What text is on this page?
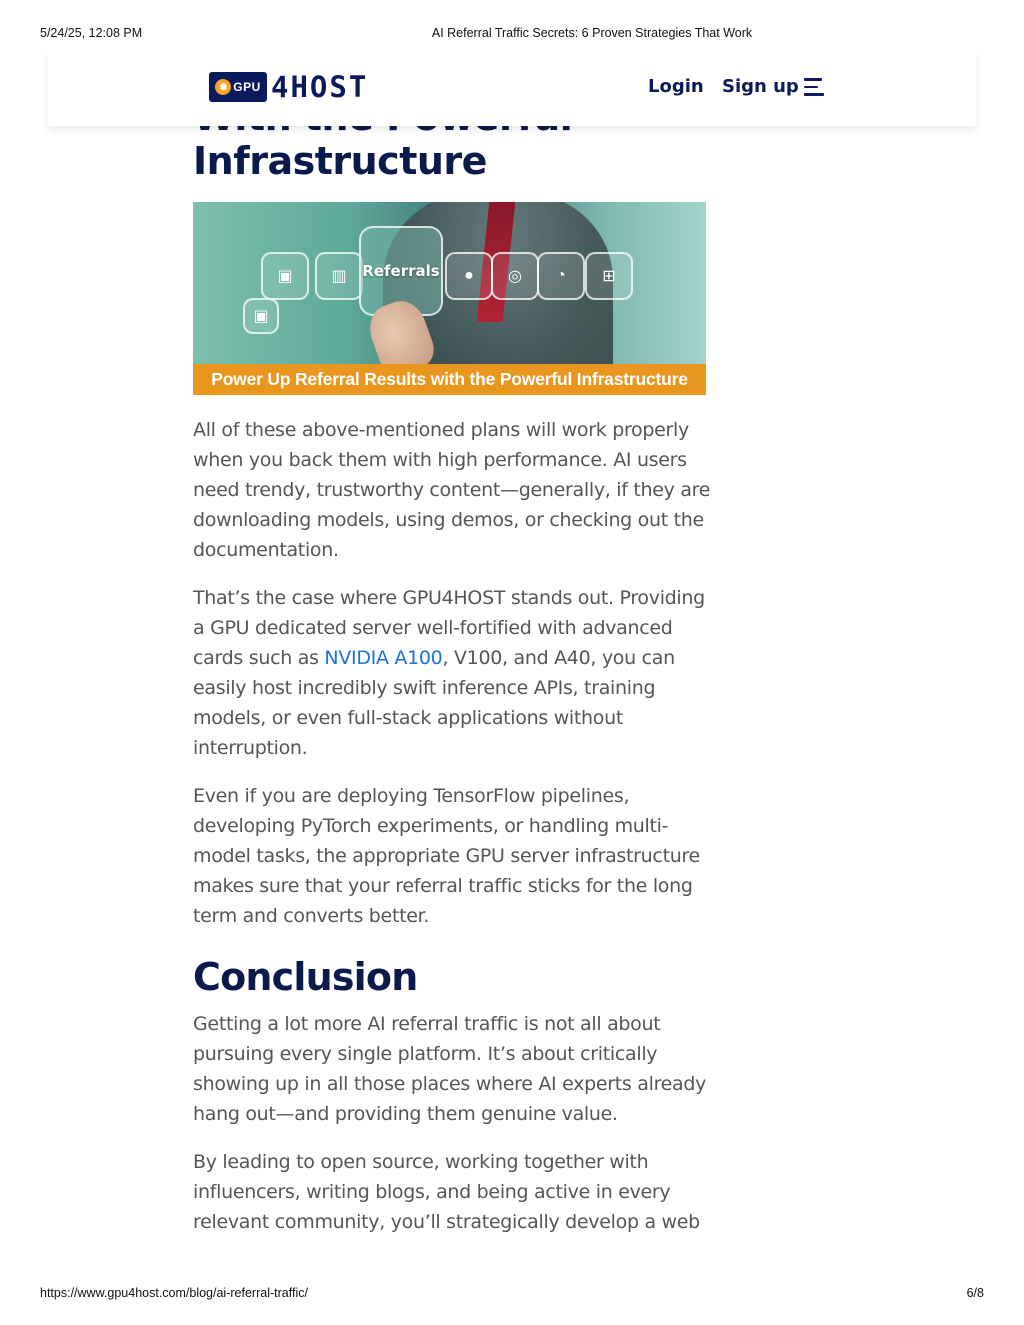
5/24/25, 12:08 PM	AI Referral Traffic Secrets: 6 Proven Strategies That Work
Infrastructure
▣	▥	Referrals	●	◎	◔	⊞
▣
Power Up Referral Results with the Powerful Infrastructure

All of these above-mentioned plans will work properly when you back them with high performance. AI users need trendy, trustworthy content—generally, if they are downloading models, using demos, or checking out the documentation.

That’s the case where GPU4HOST stands out. Providing a GPU dedicated server well-fortified with advanced cards such as NVIDIA A100, V100, and A40, you can easily host incredibly swift inference APIs, training models, or even full-stack applications without interruption.

Even if you are deploying TensorFlow pipelines, developing PyTorch experiments, or handling multi-model tasks, the appropriate GPU server infrastructure makes sure that your referral traffic sticks for the long term and converts better.

Conclusion

Getting a lot more AI referral traffic is not all about pursuing every single platform. It’s about critically showing up in all those places where AI experts already hang out—and providing them genuine value.

By leading to open source, working together with influencers, writing blogs, and being active in every relevant community, you’ll strategically develop a web

✹ GPU 4HOST	Login Sign up
https://www.gpu4host.com/blog/ai-referral-traffic/	6/8
